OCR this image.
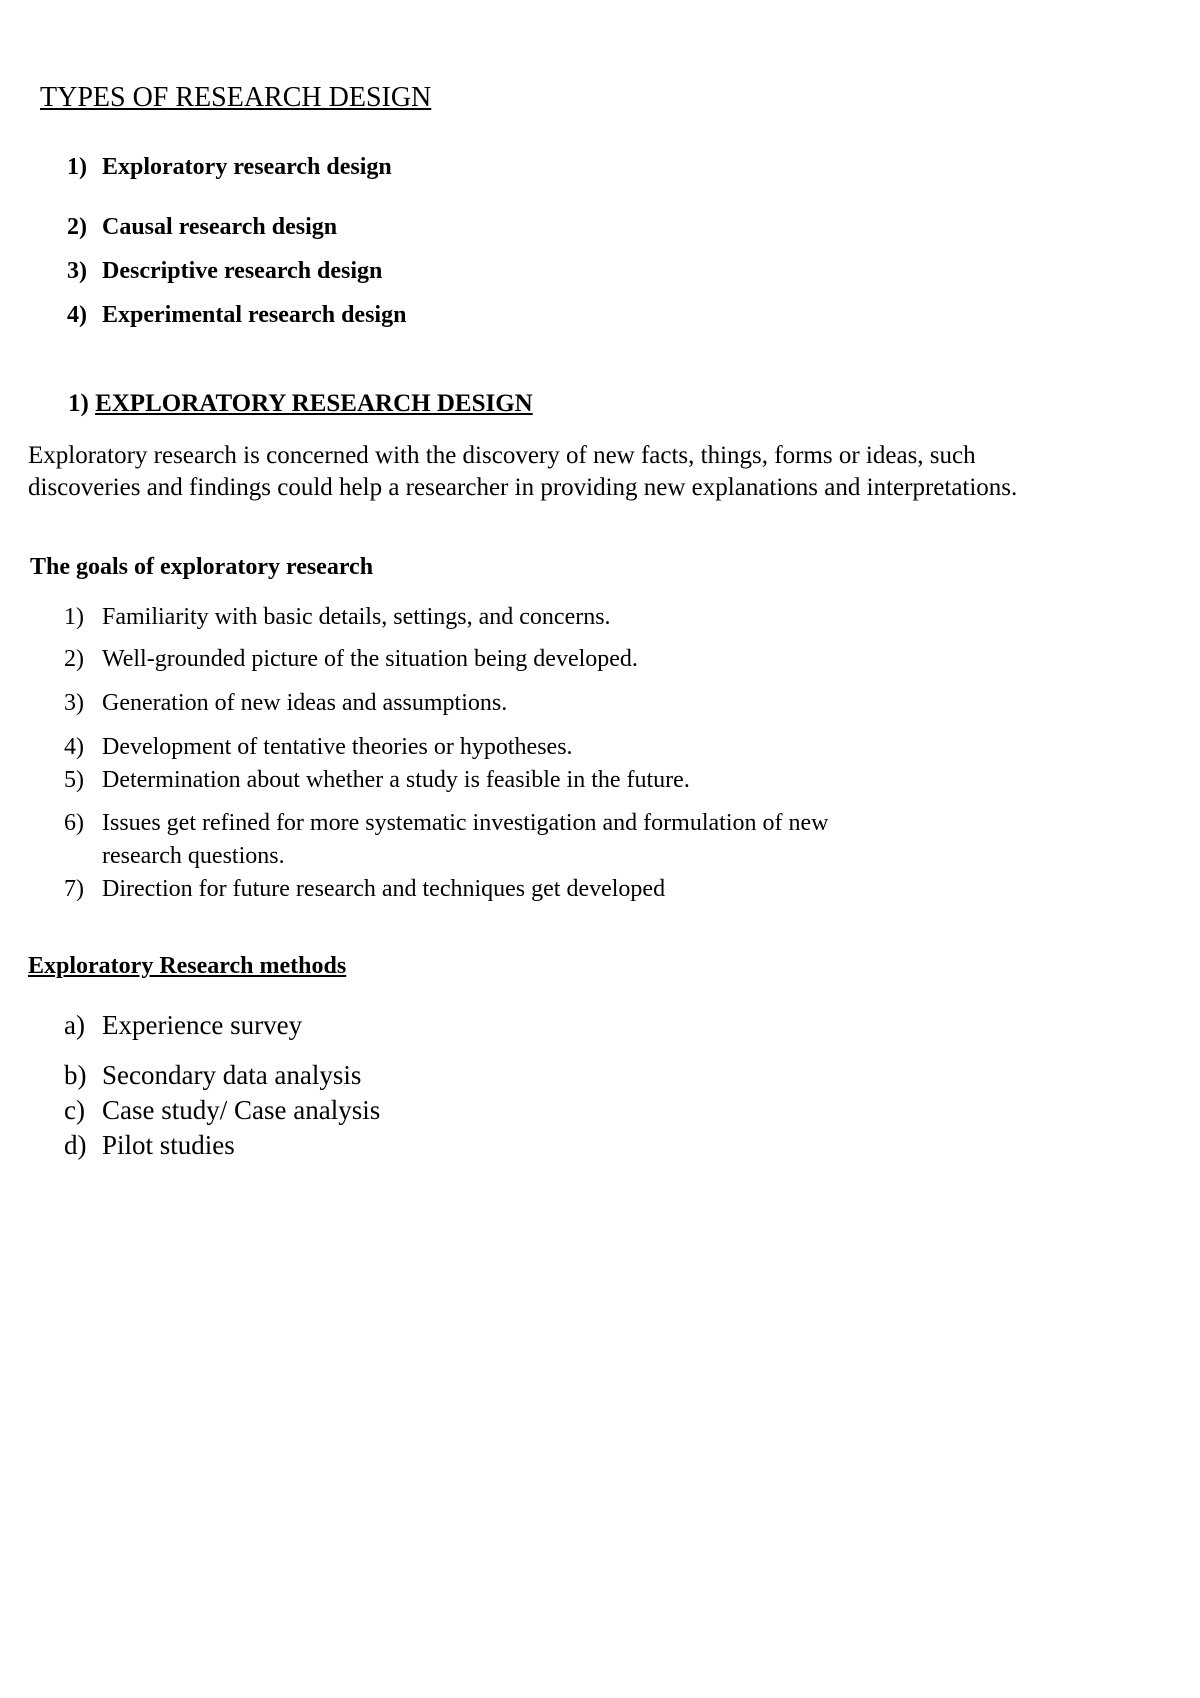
TYPES OF RESEARCH DESIGN
1) Exploratory research design
2) Causal research design
3) Descriptive research design
4) Experimental research design
1) EXPLORATORY RESEARCH DESIGN
Exploratory research is concerned with the discovery of new facts, things, forms or ideas, such
discoveries and findings could help a researcher in providing new explanations and interpretations.
The goals of exploratory research
1) Familiarity with basic details, settings, and concerns.
2) Well-grounded picture of the situation being developed.
3) Generation of new ideas and assumptions.
4) Development of tentative theories or hypotheses.
5) Determination about whether a study is feasible in the future.
6) Issues get refined for more systematic investigation and formulation of new
research questions.
7) Direction for future research and techniques get developed
Exploratory Research methods
a) Experience survey
b) Secondary data analysis
c) Case study/ Case analysis
d) Pilot studies
